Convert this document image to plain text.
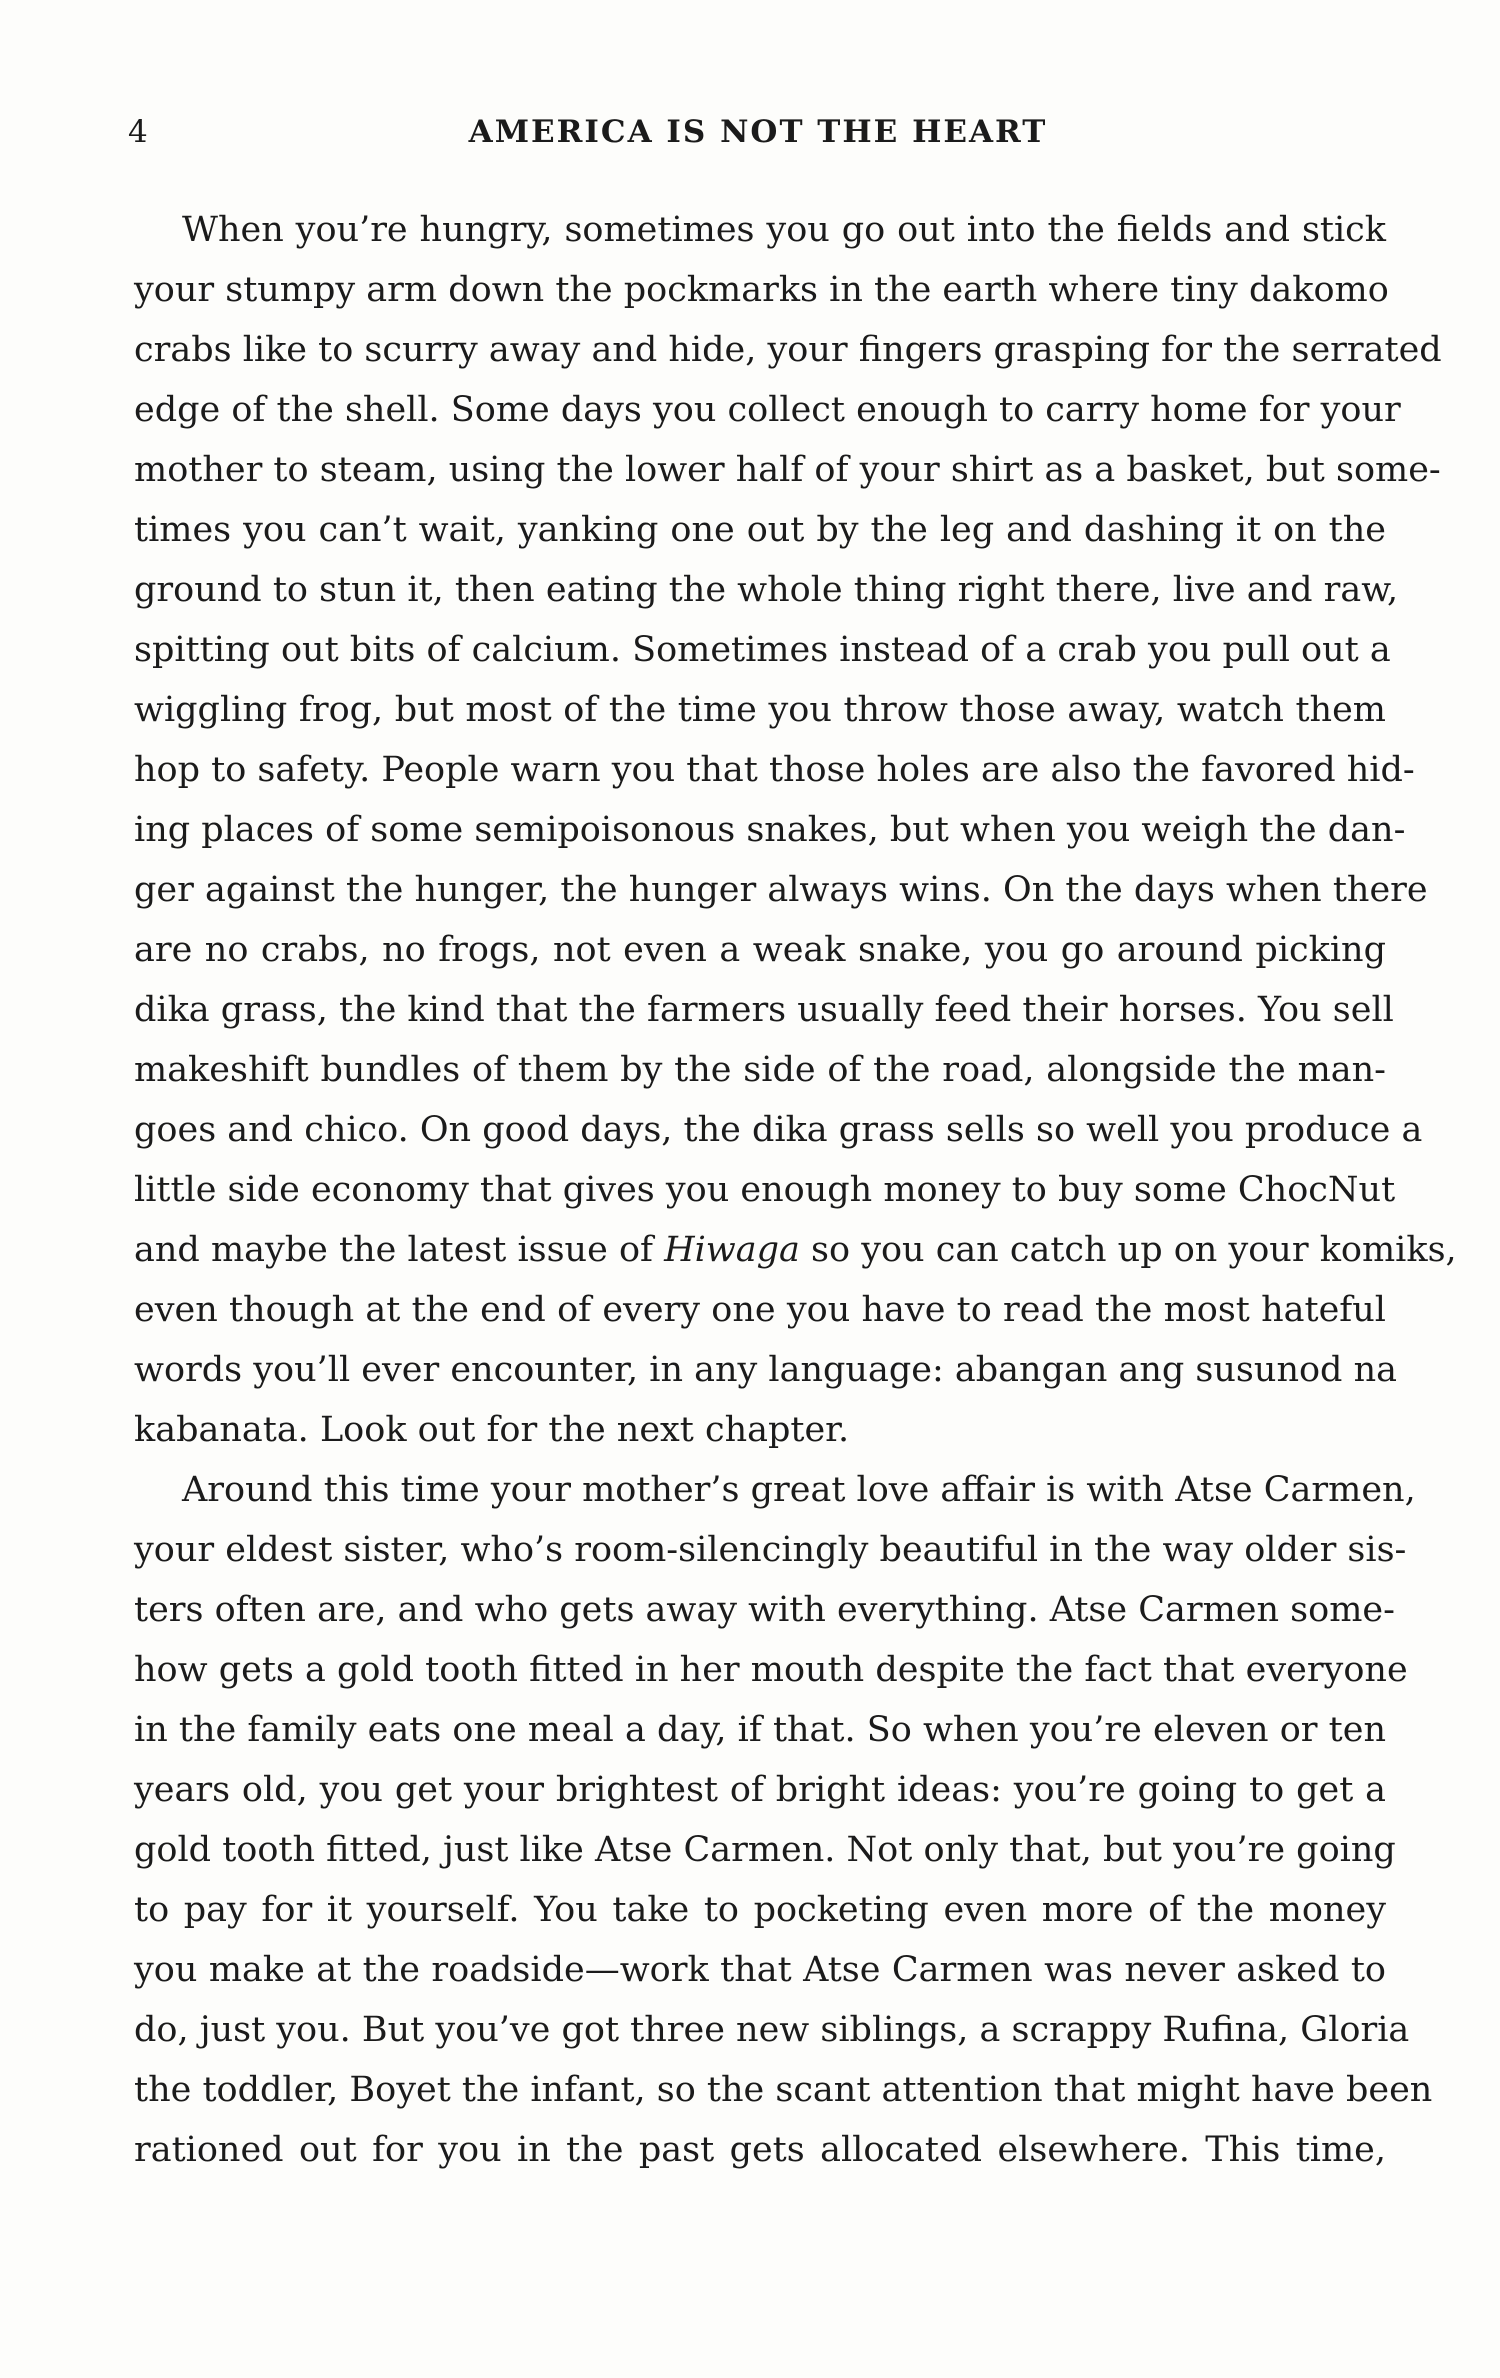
4	AMERICA IS NOT THE HEART
When you’re hungry, sometimes you go out into the fields and stick
your stumpy arm down the pockmarks in the earth where tiny dakomo
crabs like to scurry away and hide, your fingers grasping for the serrated
edge of the shell. Some days you collect enough to carry home for your
mother to steam, using the lower half of your shirt as a basket, but some-
times you can’t wait, yanking one out by the leg and dashing it on the
ground to stun it, then eating the whole thing right there, live and raw,
spitting out bits of calcium. Sometimes instead of a crab you pull out a
wiggling frog, but most of the time you throw those away, watch them
hop to safety. People warn you that those holes are also the favored hid-
ing places of some semipoisonous snakes, but when you weigh the dan-
ger against the hunger, the hunger always wins. On the days when there
are no crabs, no frogs, not even a weak snake, you go around picking
dika grass, the kind that the farmers usually feed their horses. You sell
makeshift bundles of them by the side of the road, alongside the man-
goes and chico. On good days, the dika grass sells so well you produce a
little side economy that gives you enough money to buy some ChocNut
and maybe the latest issue of Hiwaga so you can catch up on your komiks,
even though at the end of every one you have to read the most hateful
words you’ll ever encounter, in any language: abangan ang susunod na
kabanata. Look out for the next chapter.
Around this time your mother’s great love affair is with Atse Carmen,
your eldest sister, who’s room-silencingly beautiful in the way older sis-
ters often are, and who gets away with everything. Atse Carmen some-
how gets a gold tooth fitted in her mouth despite the fact that everyone
in the family eats one meal a day, if that. So when you’re eleven or ten
years old, you get your brightest of bright ideas: you’re going to get a
gold tooth fitted, just like Atse Carmen. Not only that, but you’re going
to pay for it yourself. You take to pocketing even more of the money
you make at the roadside—work that Atse Carmen was never asked to
do, just you. But you’ve got three new siblings, a scrappy Rufina, Gloria
the toddler, Boyet the infant, so the scant attention that might have been
rationed out for you in the past gets allocated elsewhere. This time,
